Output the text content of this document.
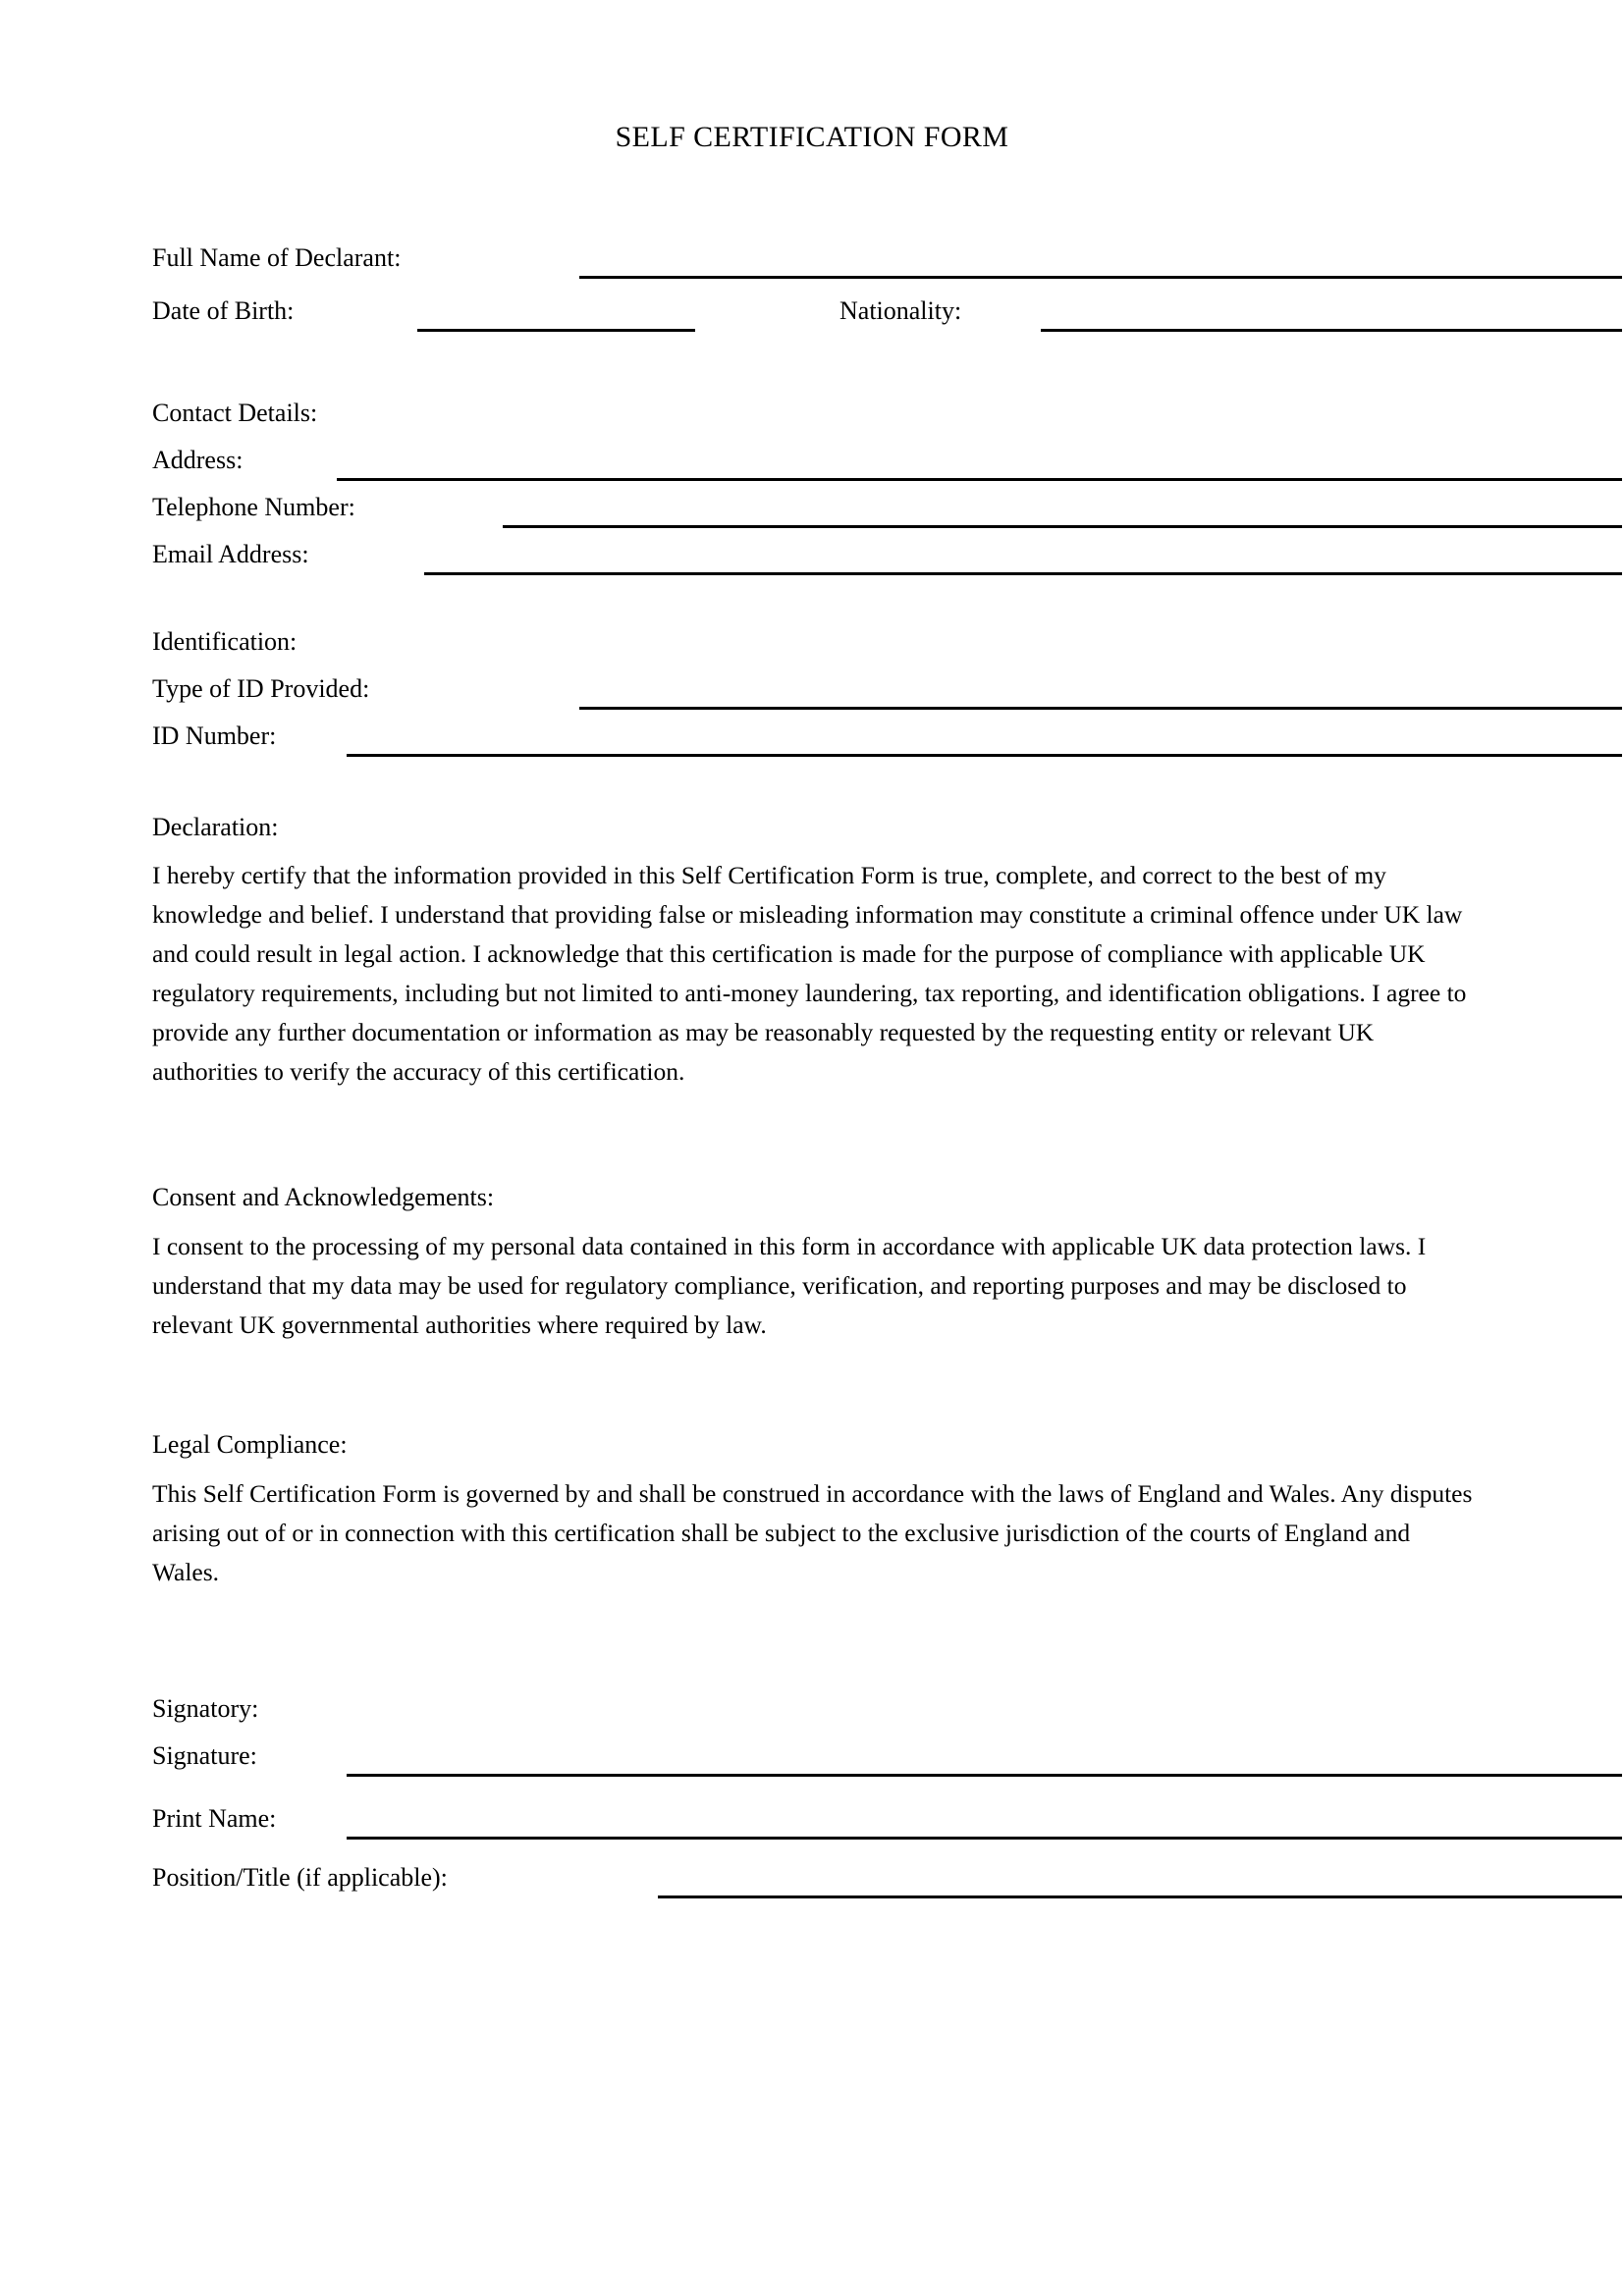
SELF CERTIFICATION FORM
Full Name of Declarant:
Date of Birth:	Nationality:
Contact Details:
Address:
Telephone Number:
Email Address:
Identification:
Type of ID Provided:
ID Number:
Declaration:
I hereby certify that the information provided in this Self Certification Form is true, complete, and correct to the best of my knowledge and belief. I understand that providing false or misleading information may constitute a criminal offence under UK law and could result in legal action. I acknowledge that this certification is made for the purpose of compliance with applicable UK regulatory requirements, including but not limited to anti-money laundering, tax reporting, and identification obligations. I agree to provide any further documentation or information as may be reasonably requested by the requesting entity or relevant UK authorities to verify the accuracy of this certification.
Consent and Acknowledgements:
I consent to the processing of my personal data contained in this form in accordance with applicable UK data protection laws. I understand that my data may be used for regulatory compliance, verification, and reporting purposes and may be disclosed to relevant UK governmental authorities where required by law.
Legal Compliance:
This Self Certification Form is governed by and shall be construed in accordance with the laws of England and Wales. Any disputes arising out of or in connection with this certification shall be subject to the exclusive jurisdiction of the courts of England and Wales.
Signatory:
Signature:
Print Name:
Position/Title (if applicable):
